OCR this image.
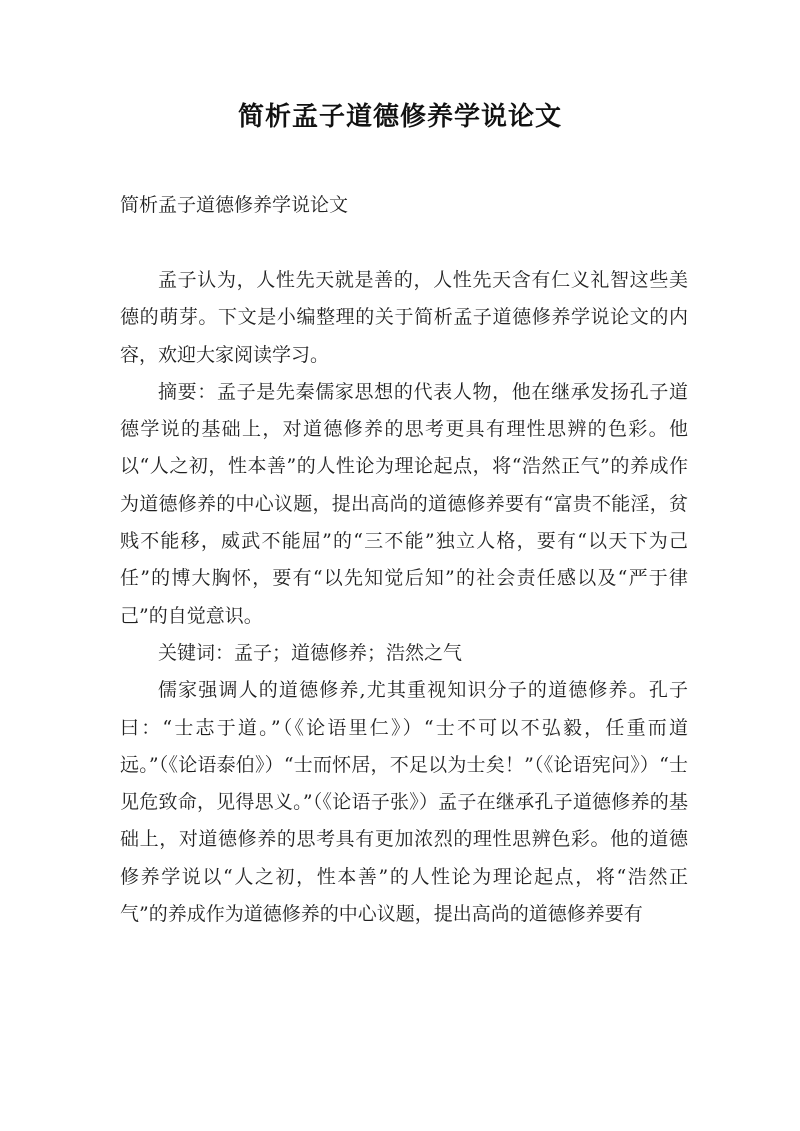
简析孟子道德修养学说论文
简析孟子道德修养学说论文

孟子认为，人性先天就是善的，人性先天含有仁义礼智这些美德的萌芽。下文是小编整理的关于简析孟子道德修养学说论文的内容，欢迎大家阅读学习。

摘要：孟子是先秦儒家思想的代表人物，他在继承发扬孔子道德学说的基础上，对道德修养的思考更具有理性思辨的色彩。他以“人之初，性本善”的人性论为理论起点，将“浩然正气”的养成作为道德修养的中心议题，提出高尚的道德修养要有“富贵不能淫，贫贱不能移，威武不能屈”的“三不能”独立人格，要有“以天下为己任”的博大胸怀，要有“以先知觉后知”的社会责任感以及“严于律己”的自觉意识。

关键词：孟子；道德修养；浩然之气

儒家强调人的道德修养,尤其重视知识分子的道德修养。孔子曰：“士志于道。”（《论语里仁》）“士不可以不弘毅，任重而道远。”（《论语泰伯》）“士而怀居，不足以为士矣！”（《论语宪问》）“士见危致命，见得思义。”（《论语子张》）孟子在继承孔子道德修养的基础上，对道德修养的思考具有更加浓烈的理性思辨色彩。他的道德修养学说以“人之初，性本善”的人性论为理论起点，将“浩然正气”的养成作为道德修养的中心议题，提出高尚的道德修养要有
